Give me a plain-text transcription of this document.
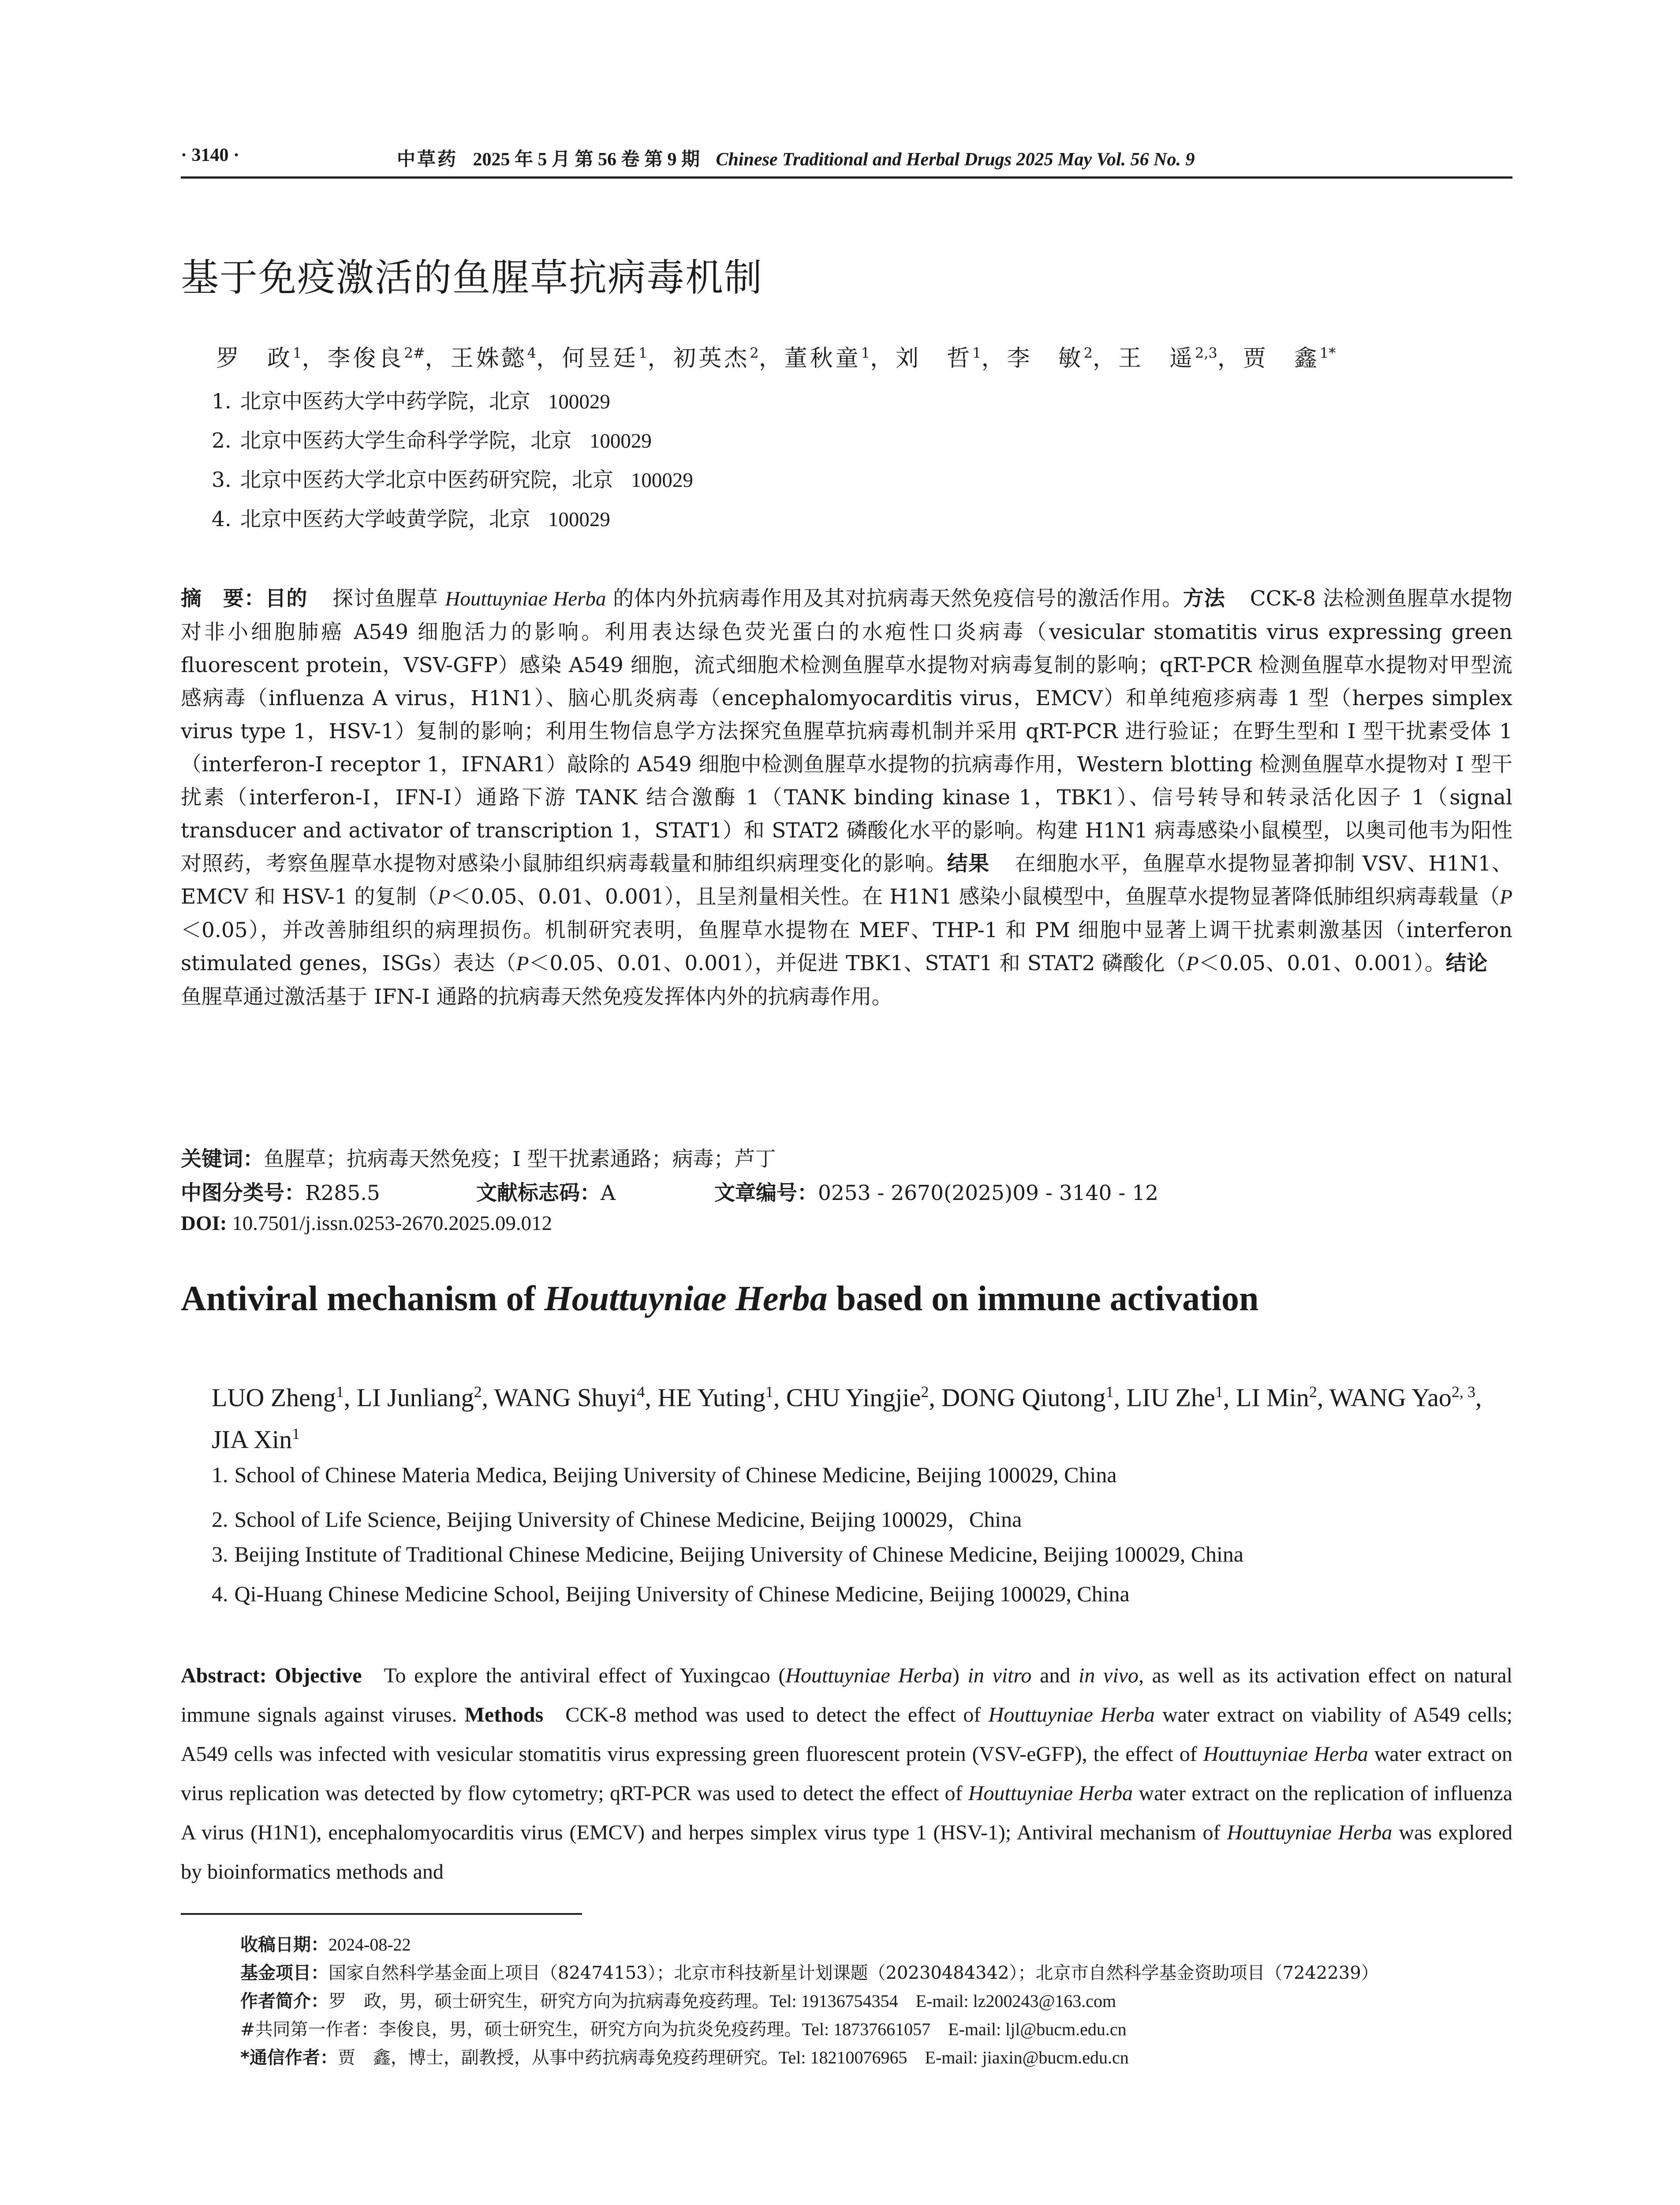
· 3140 ·	中草药 2025 年 5 月 第 56 卷 第 9 期 Chinese Traditional and Herbal Drugs 2025 May Vol. 56 No. 9
基于免疫激活的鱼腥草抗病毒机制
罗　政$^1$，李俊良$^{2\#}$，王姝懿$^4$，何昱廷$^1$，初英杰$^2$，董秋童$^1$，刘　哲$^1$，李　敏$^2$，王　遥$^{2,3}$，贾　鑫$^{1*}$
1. 北京中医药大学中药学院，北京 100029
2. 北京中医药大学生命科学学院，北京 100029
3. 北京中医药大学北京中医药研究院，北京 100029
4. 北京中医药大学岐黄学院，北京 100029
摘　要：目的 探讨鱼腥草 Houttuyniae Herba 的体内外抗病毒作用及其对抗病毒天然免疫信号的激活作用。方法 CCK-8 法检测鱼腥草水提物对非小细胞肺癌 A549 细胞活力的影响。利用表达绿色荧光蛋白的水疱性口炎病毒（vesicular stomatitis virus expressing green fluorescent protein，VSV-GFP）感染 A549 细胞，流式细胞术检测鱼腥草水提物对病毒复制的影响；qRT-PCR 检测鱼腥草水提物对甲型流感病毒（influenza A virus，H1N1）、脑心肌炎病毒（encephalomyocarditis virus，EMCV）和单纯疱疹病毒 1 型（herpes simplex virus type 1，HSV-1）复制的影响；利用生物信息学方法探究鱼腥草抗病毒机制并采用 qRT-PCR 进行验证；在野生型和 I 型干扰素受体 1（interferon-I receptor 1，IFNAR1）敲除的 A549 细胞中检测鱼腥草水提物的抗病毒作用，Western blotting 检测鱼腥草水提物对 I 型干扰素（interferon-I，IFN-I）通路下游 TANK 结合激酶 1（TANK binding kinase 1，TBK1）、信号转导和转录活化因子 1（signal transducer and activator of transcription 1，STAT1）和 STAT2 磷酸化水平的影响。构建 H1N1 病毒感染小鼠模型，以奥司他韦为阳性对照药，考察鱼腥草水提物对感染小鼠肺组织病毒载量和肺组织病理变化的影响。结果 在细胞水平，鱼腥草水提物显著抑制 VSV、H1N1、EMCV 和 HSV-1 的复制（P＜0.05、0.01、0.001），且呈剂量相关性。在 H1N1 感染小鼠模型中，鱼腥草水提物显著降低肺组织病毒载量（P＜0.05），并改善肺组织的病理损伤。机制研究表明，鱼腥草水提物在 MEF、THP-1 和 PM 细胞中显著上调干扰素刺激基因（interferon stimulated genes，ISGs）表达（P＜0.05、0.01、0.001），并促进 TBK1、STAT1 和 STAT2 磷酸化（P＜0.05、0.01、0.001）。结论鱼腥草通过激活基于 IFN-I 通路的抗病毒天然免疫发挥体内外的抗病毒作用。
关键词：鱼腥草；抗病毒天然免疫；I 型干扰素通路；病毒；芦丁
中图分类号：R285.5	文献标志码：A	文章编号：0253 - 2670(2025)09 - 3140 - 12
DOI: 10.7501/j.issn.0253-2670.2025.09.012
Antiviral mechanism of Houttuyniae Herba based on immune activation
LUO Zheng$^1$, LI Junliang$^2$, WANG Shuyi$^4$, HE Yuting$^1$, CHU Yingjie$^2$, DONG Qiutong$^1$, LIU Zhe$^1$, LI Min$^2$, WANG Yao$^{2, 3}$, JIA Xin$^1$
1. School of Chinese Materia Medica, Beijing University of Chinese Medicine, Beijing 100029, China
2. School of Life Science, Beijing University of Chinese Medicine, Beijing 100029，China
3. Beijing Institute of Traditional Chinese Medicine, Beijing University of Chinese Medicine, Beijing 100029, China
4. Qi-Huang Chinese Medicine School, Beijing University of Chinese Medicine, Beijing 100029, China
Abstract: Objective To explore the antiviral effect of Yuxingcao (Houttuyniae Herba) in vitro and in vivo, as well as its activation effect on natural immune signals against viruses. Methods CCK-8 method was used to detect the effect of Houttuyniae Herba water extract on viability of A549 cells; A549 cells was infected with vesicular stomatitis virus expressing green fluorescent protein (VSV-eGFP), the effect of Houttuyniae Herba water extract on virus replication was detected by flow cytometry; qRT-PCR was used to detect the effect of Houttuyniae Herba water extract on the replication of influenza A virus (H1N1), encephalomyocarditis virus (EMCV) and herpes simplex virus type 1 (HSV-1); Antiviral mechanism of Houttuyniae Herba was explored by bioinformatics methods and
收稿日期：2024-08-22
基金项目：国家自然科学基金面上项目（82474153）；北京市科技新星计划课题（20230484342）；北京市自然科学基金资助项目（7242239）
作者简介：罗　政，男，硕士研究生，研究方向为抗病毒免疫药理。Tel: 19136754354　E-mail: lz200243@163.com
#共同第一作者：李俊良，男，硕士研究生，研究方向为抗炎免疫药理。Tel: 18737661057　E-mail: ljl@bucm.edu.cn
*通信作者：贾　鑫，博士，副教授，从事中药抗病毒免疫药理研究。Tel: 18210076965　E-mail: jiaxin@bucm.edu.cn
